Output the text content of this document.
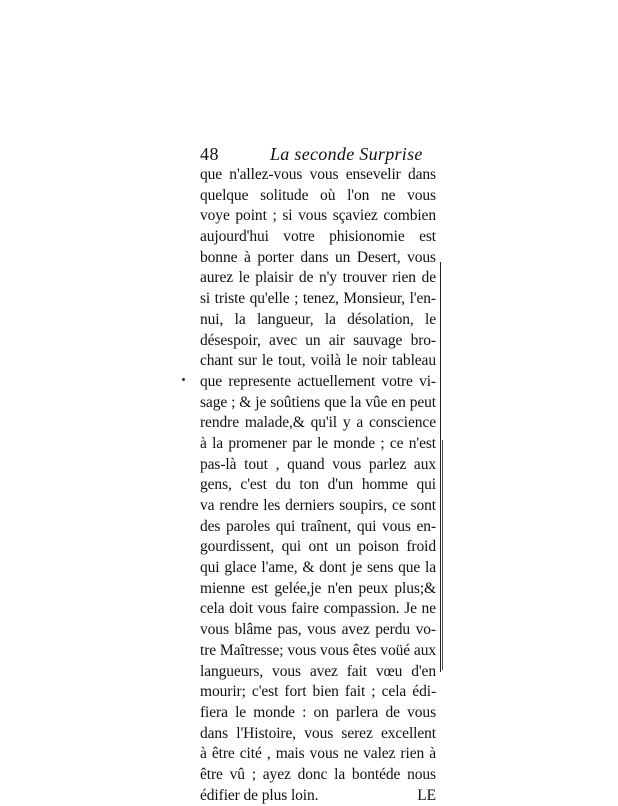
48	La seconde Surprise
que n'allez-vous vous ensevelir dans
quelque solitude où l'on ne vous
voye point ; si vous sçaviez combien
aujourd'hui votre phisionomie est
bonne à porter dans un Desert, vous
aurez le plaisir de n'y trouver rien de
si triste qu'elle ; tenez, Monsieur, l'en-
nui, la langueur, la désolation, le
désespoir, avec un air sauvage bro-
chant sur le tout, voilà le noir tableau
que represente actuellement votre vi-
sage ; & je soûtiens que la vûe en peut
rendre malade,& qu'il y a conscience
à la promener par le monde ; ce n'est
pas-là tout , quand vous parlez aux
gens, c'est du ton d'un homme qui
va rendre les derniers soupirs, ce sont
des paroles qui traînent, qui vous en-
gourdissent, qui ont un poison froid
qui glace l'ame, & dont je sens que la
mienne est gelée,je n'en peux plus;&
cela doit vous faire compassion. Je ne
vous blâme pas, vous avez perdu vo-
tre Maîtresse; vous vous êtes voüé aux
langueurs, vous avez fait vœu d'en
mourir; c'est fort bien fait ; cela édi-
fiera le monde : on parlera de vous
dans l'Histoire, vous serez excellent
à être cité , mais vous ne valez rien à
être vû ; ayez donc la bontéde nous
édifier de plus loin.	LE
